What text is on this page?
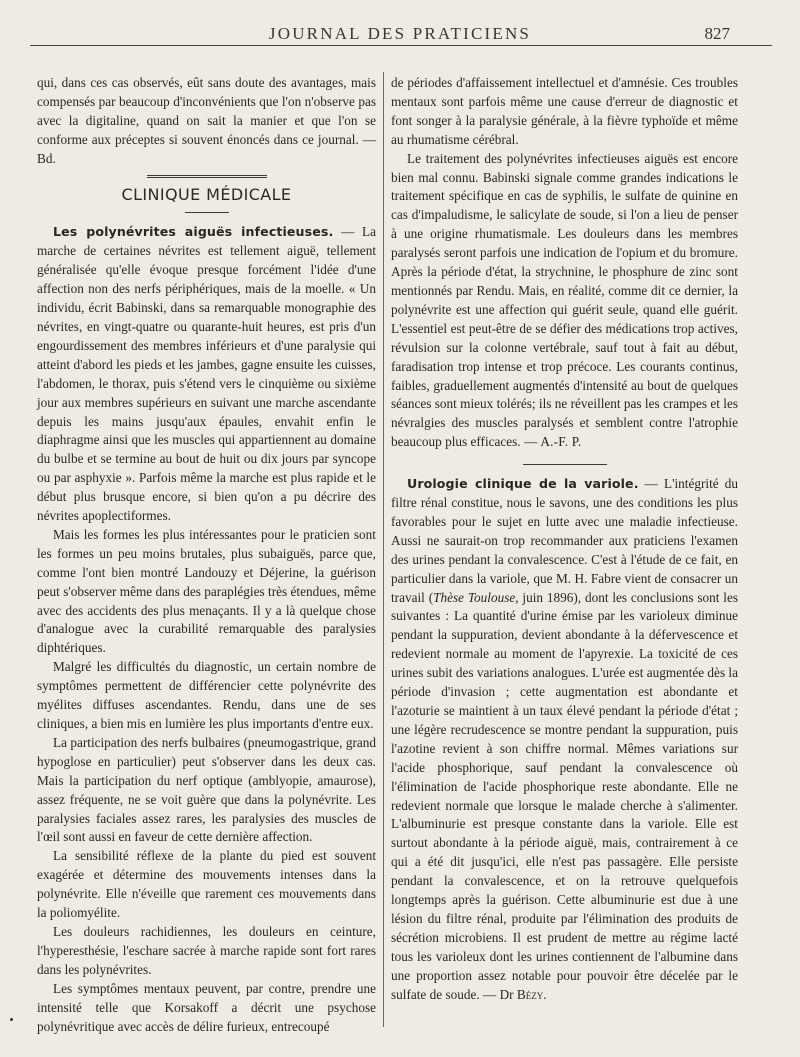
JOURNAL DES PRATICIENS	827

qui, dans ces cas observés, eût sans doute des avantages, mais compensés par beaucoup d'inconvénients que l'on n'observe pas avec la digitaline, quand on sait la manier et que l'on se conforme aux préceptes si souvent énoncés dans ce journal. — Bd.

CLINIQUE MÉDICALE

Les polynévrites aiguës infectieuses. — La marche de certaines névrites est tellement aiguë, tellement généralisée qu'elle évoque presque forcément l'idée d'une affection non des nerfs périphériques, mais de la moelle. « Un individu, écrit Babinski, dans sa remarquable monographie des névrites, en vingt-quatre ou quarante-huit heures, est pris d'un engourdissement des membres inférieurs et d'une paralysie qui atteint d'abord les pieds et les jambes, gagne ensuite les cuisses, l'abdomen, le thorax, puis s'étend vers le cinquième ou sixième jour aux membres supérieurs en suivant une marche ascendante depuis les mains jusqu'aux épaules, envahit enfin le diaphragme ainsi que les muscles qui appartiennent au domaine du bulbe et se termine au bout de huit ou dix jours par syncope ou par asphyxie ». Parfois même la marche est plus rapide et le début plus brusque encore, si bien qu'on a pu décrire des névrites apoplectiformes.

Mais les formes les plus intéressantes pour le praticien sont les formes un peu moins brutales, plus subaiguës, parce que, comme l'ont bien montré Landouzy et Déjerine, la guérison peut s'observer même dans des paraplégies très étendues, même avec des accidents des plus menaçants. Il y a là quelque chose d'analogue avec la curabilité remarquable des paralysies diphtériques.

Malgré les difficultés du diagnostic, un certain nombre de symptômes permettent de différencier cette polynévrite des myélites diffuses ascendantes. Rendu, dans une de ses cliniques, a bien mis en lumière les plus importants d'entre eux.

La participation des nerfs bulbaires (pneumogastrique, grand hypoglose en particulier) peut s'observer dans les deux cas. Mais la participation du nerf optique (amblyopie, amaurose), assez fréquente, ne se voit guère que dans la polynévrite. Les paralysies faciales assez rares, les paralysies des muscles de l'œil sont aussi en faveur de cette dernière affection.

La sensibilité réflexe de la plante du pied est souvent exagérée et détermine des mouvements intenses dans la polynévrite. Elle n'éveille que rarement ces mouvements dans la poliomyélite.

Les douleurs rachidiennes, les douleurs en ceinture, l'hyperesthésie, l'eschare sacrée à marche rapide sont fort rares dans les polynévrites.

Les symptômes mentaux peuvent, par contre, prendre une intensité telle que Korsakoff a décrit une psychose polynévritique avec accès de délire furieux, entrecoupé

de périodes d'affaissement intellectuel et d'amnésie. Ces troubles mentaux sont parfois même une cause d'erreur de diagnostic et font songer à la paralysie générale, à la fièvre typhoïde et même au rhumatisme cérébral.

Le traitement des polynévrites infectieuses aiguës est encore bien mal connu. Babinski signale comme grandes indications le traitement spécifique en cas de syphilis, le sulfate de quinine en cas d'impaludisme, le salicylate de soude, si l'on a lieu de penser à une origine rhumatismale. Les douleurs dans les membres paralysés seront parfois une indication de l'opium et du bromure. Après la période d'état, la strychnine, le phosphure de zinc sont mentionnés par Rendu. Mais, en réalité, comme dit ce dernier, la polynévrite est une affection qui guérit seule, quand elle guérit. L'essentiel est peut-être de se défier des médications trop actives, révulsion sur la colonne vertébrale, sauf tout à fait au début, faradisation trop intense et trop précoce. Les courants continus, faibles, graduellement augmentés d'intensité au bout de quelques séances sont mieux tolérés; ils ne réveillent pas les crampes et les névralgies des muscles paralysés et semblent contre l'atrophie beaucoup plus efficaces. — A.-F. P.

Urologie clinique de la variole. — L'intégrité du filtre rénal constitue, nous le savons, une des conditions les plus favorables pour le sujet en lutte avec une maladie infectieuse. Aussi ne saurait-on trop recommander aux praticiens l'examen des urines pendant la convalescence. C'est à l'étude de ce fait, en particulier dans la variole, que M. H. Fabre vient de consacrer un travail (Thèse Toulouse, juin 1896), dont les conclusions sont les suivantes : La quantité d'urine émise par les varioleux diminue pendant la suppuration, devient abondante à la défervescence et redevient normale au moment de l'apyrexie. La toxicité de ces urines subit des variations analogues. L'urée est augmentée dès la période d'invasion ; cette augmentation est abondante et l'azoturie se maintient à un taux élevé pendant la période d'état ; une légère recrudescence se montre pendant la suppuration, puis l'azotine revient à son chiffre normal. Mêmes variations sur l'acide phosphorique, sauf pendant la convalescence où l'élimination de l'acide phosphorique reste abondante. Elle ne redevient normale que lorsque le malade cherche à s'alimenter. L'albuminurie est presque constante dans la variole. Elle est surtout abondante à la période aiguë, mais, contrairement à ce qui a été dit jusqu'ici, elle n'est pas passagère. Elle persiste pendant la convalescence, et on la retrouve quelquefois longtemps après la guérison. Cette albuminurie est due à une lésion du filtre rénal, produite par l'élimination des produits de sécrétion microbiens. Il est prudent de mettre au régime lacté tous les varioleux dont les urines contiennent de l'albumine dans une proportion assez notable pour pouvoir être décelée par le sulfate de soude. — Dr Bézy.
